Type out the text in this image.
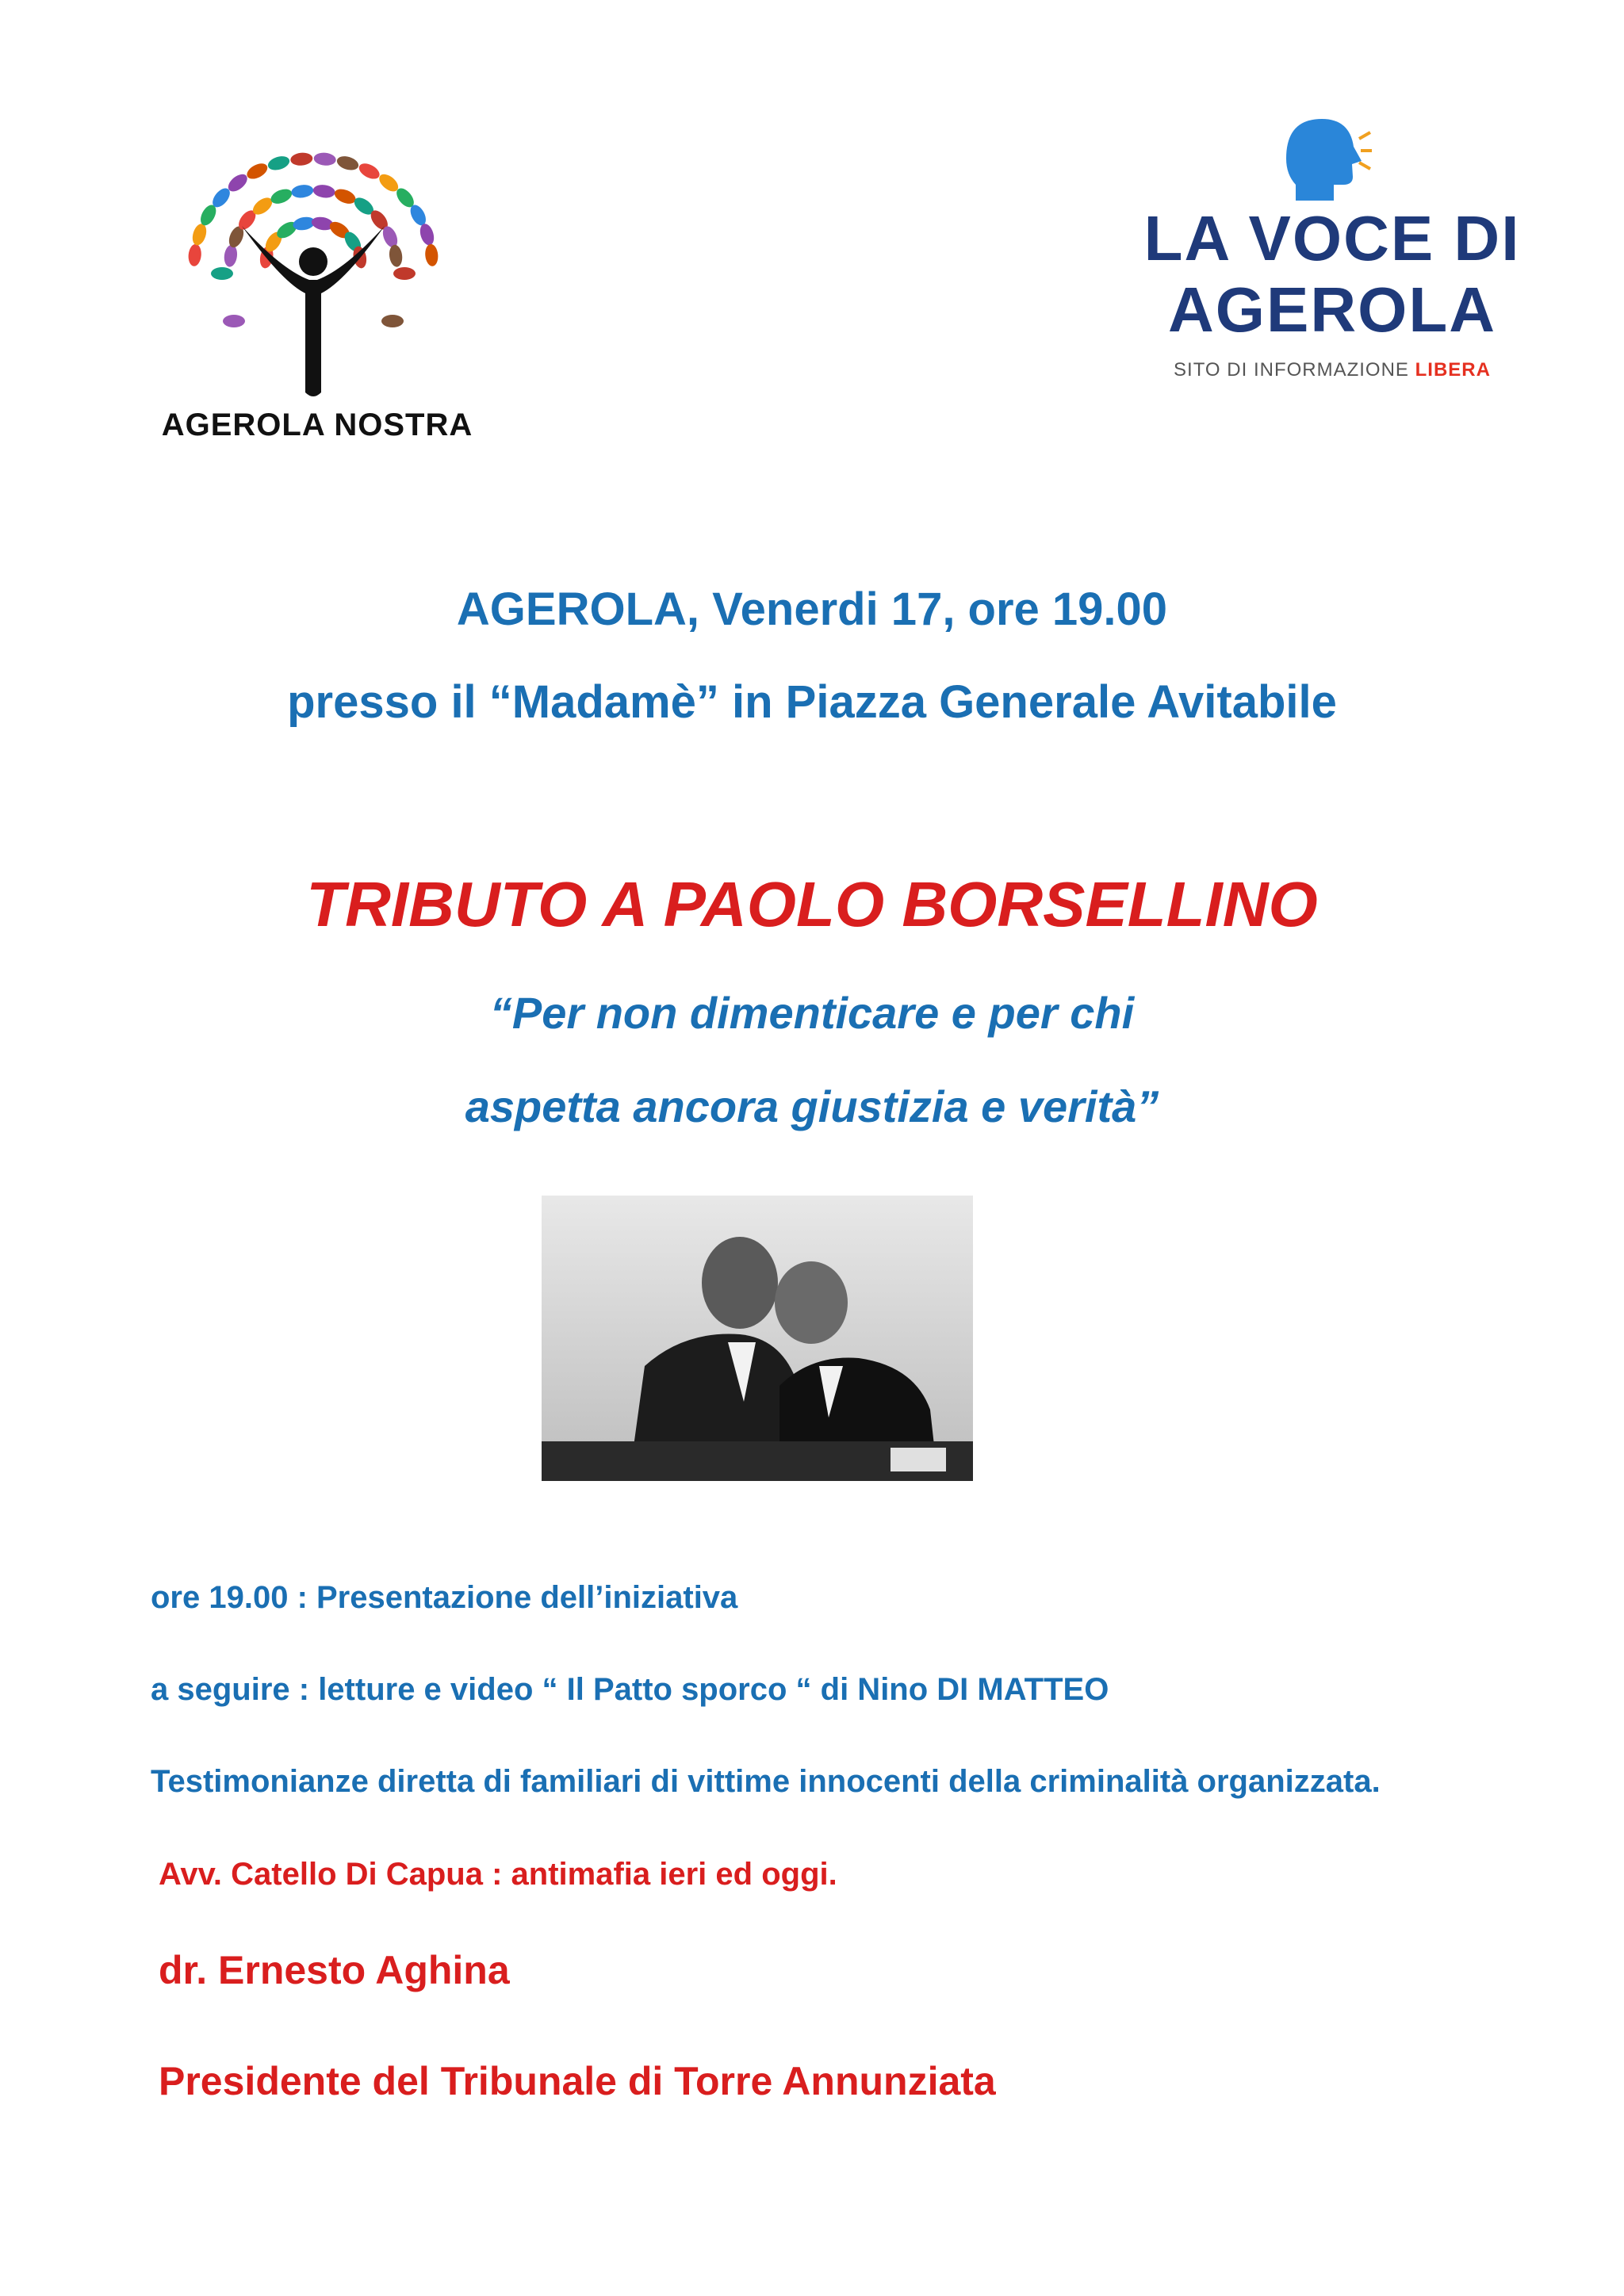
AGEROLA NOSTRA
LA VOCE DI
AGEROLA
SITO DI INFORMAZIONE LIBERA
AGEROLA, Venerdi 17, ore 19.00
presso il “Madamè” in Piazza Generale Avitabile
TRIBUTO A PAOLO BORSELLINO
“Per non dimenticare e per chi
aspetta ancora giustizia e verità”
ore 19.00 : Presentazione dell’iniziativa
a seguire : letture e video “ Il Patto sporco “ di Nino DI MATTEO
Testimonianze diretta di familiari di vittime innocenti della criminalità organizzata.
Avv. Catello Di Capua : antimafia ieri ed oggi.
dr. Ernesto Aghina
Presidente del Tribunale di Torre Annunziata
